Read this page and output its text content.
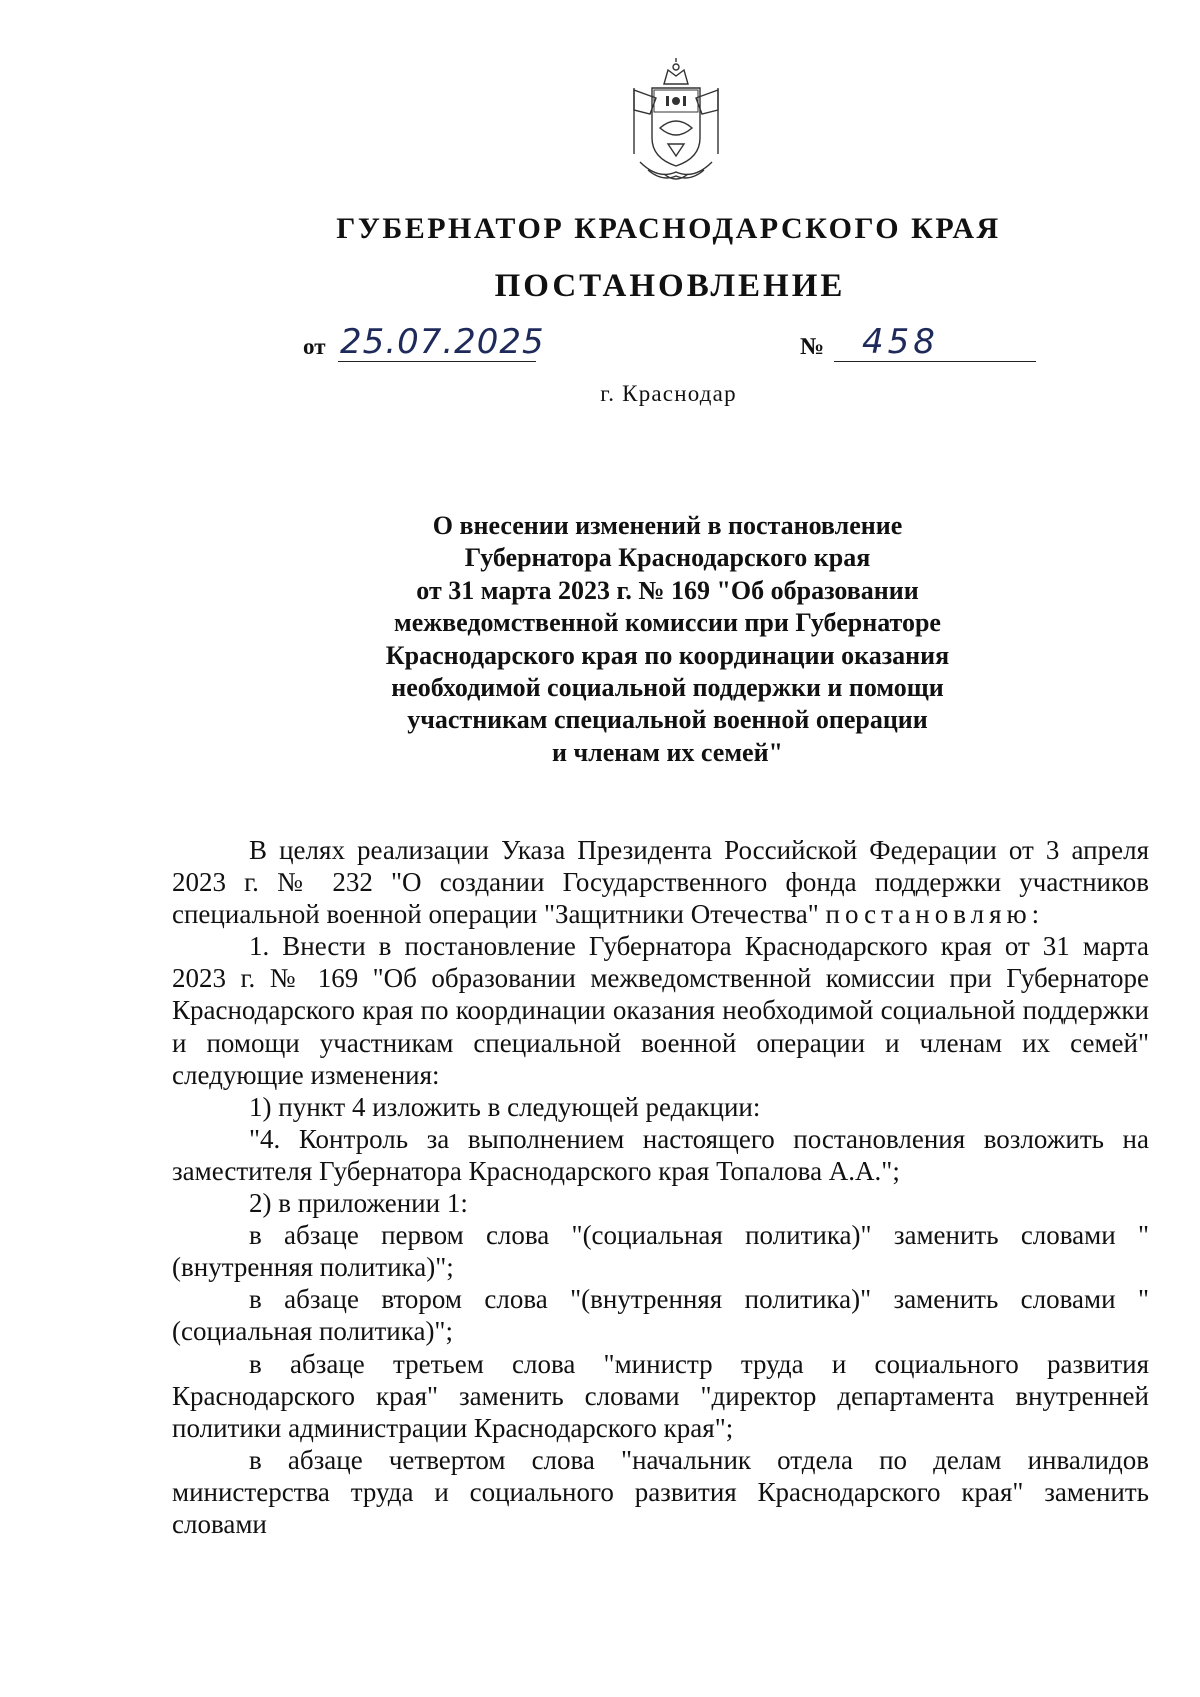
ГУБЕРНАТОР КРАСНОДАРСКОГО КРАЯ
ПОСТАНОВЛЕНИЕ
от 25.07.2025	№ 458
г. Краснодар
О внесении изменений в постановление
Губернатора Краснодарского края
от 31 марта 2023 г. № 169 "Об образовании
межведомственной комиссии при Губернаторе
Краснодарского края по координации оказания
необходимой социальной поддержки и помощи
участникам специальной военной операции
и членам их семей"

В целях реализации Указа Президента Российской Федерации от 3 апреля 2023 г. № 232 "О создании Государственного фонда поддержки участников специальной военной операции "Защитники Отечества" постановляю:

1. Внести в постановление Губернатора Краснодарского края от 31 марта 2023 г. № 169 "Об образовании межведомственной комиссии при Губернаторе Краснодарского края по координации оказания необходимой социальной поддержки и помощи участникам специальной военной операции и членам их семей" следующие изменения:

1) пункт 4 изложить в следующей редакции:

"4. Контроль за выполнением настоящего постановления возложить на заместителя Губернатора Краснодарского края Топалова А.А.";

2) в приложении 1:

в абзаце первом слова "(социальная политика)" заменить словами "(внутренняя политика)";

в абзаце втором слова "(внутренняя политика)" заменить словами "(социальная политика)";

в абзаце третьем слова "министр труда и социального развития Краснодарского края" заменить словами "директор департамента внутренней политики администрации Краснодарского края";

в абзаце четвертом слова "начальник отдела по делам инвалидов министерства труда и социального развития Краснодарского края" заменить словами
